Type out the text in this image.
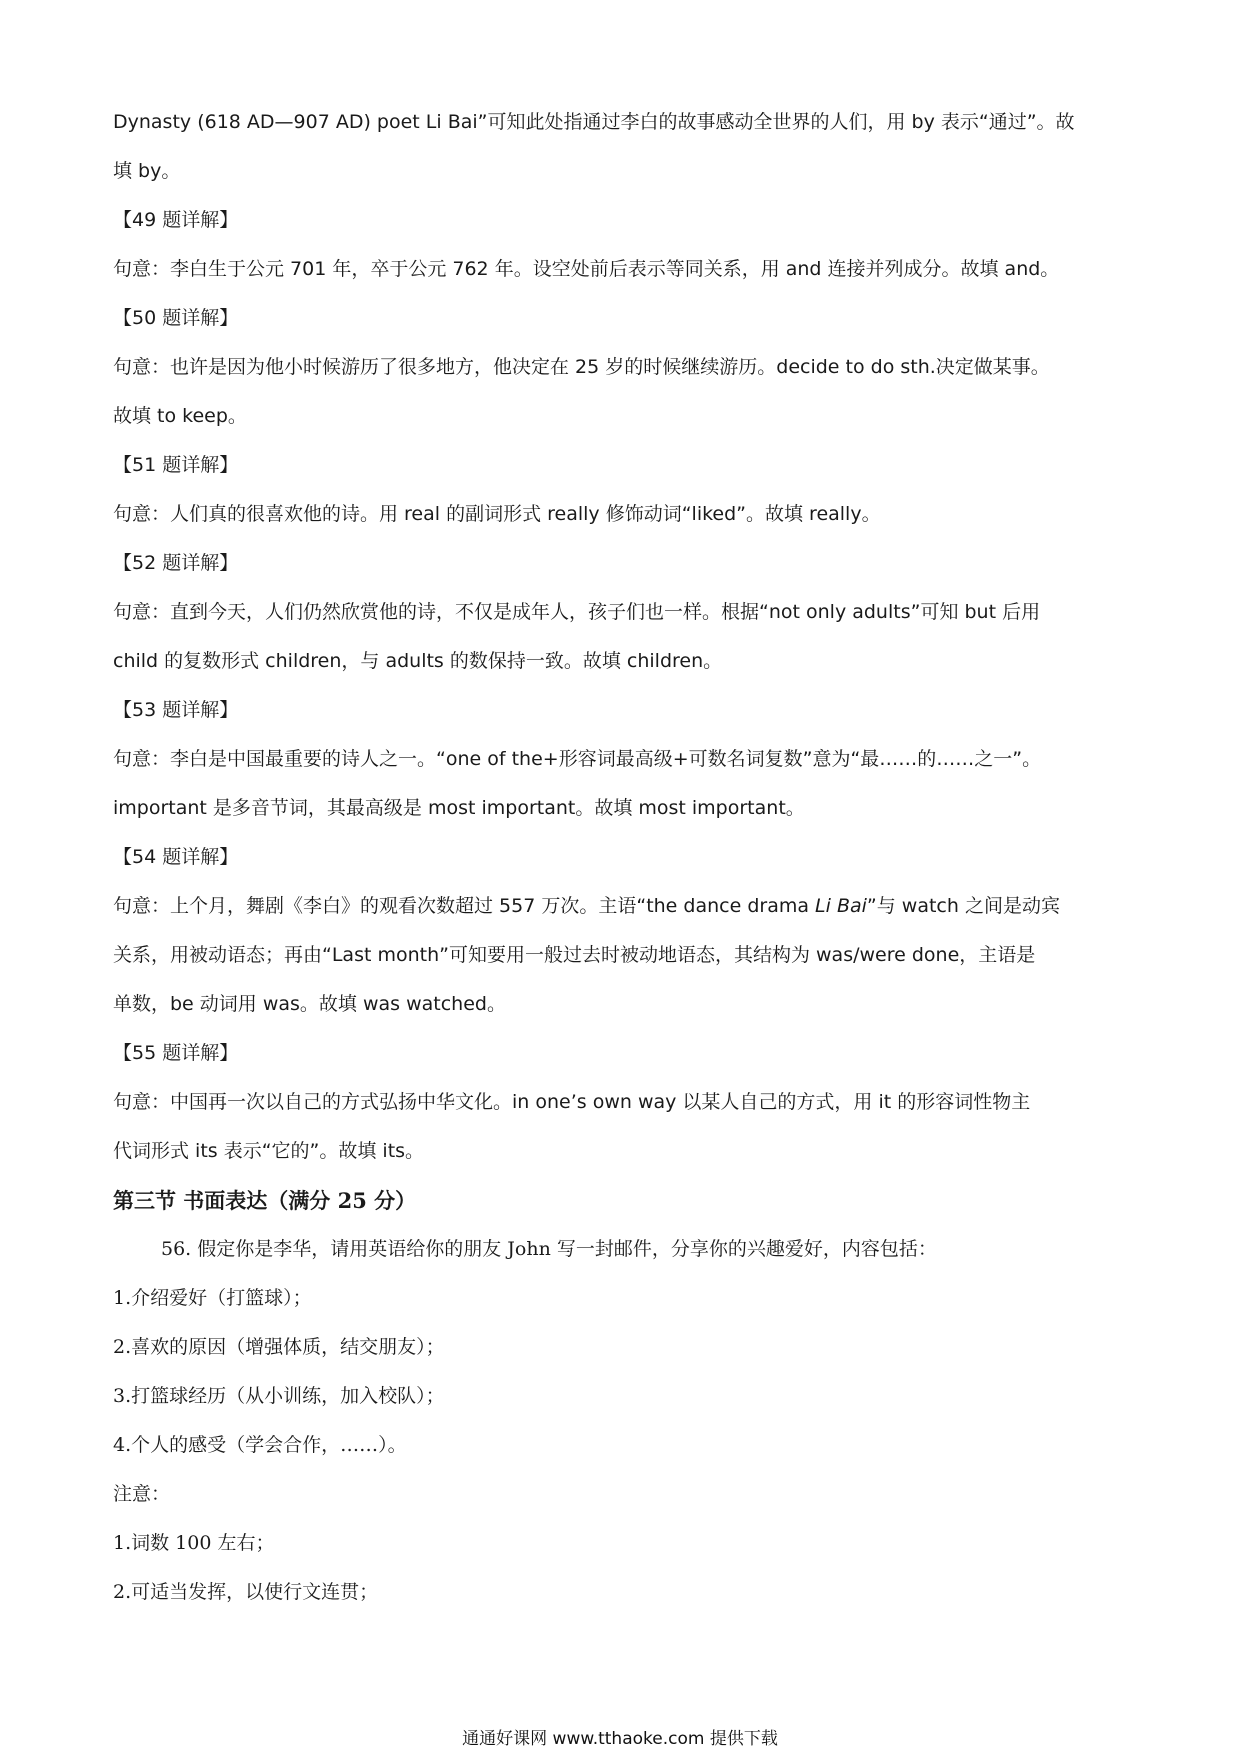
Dynasty (618 AD—907 AD) poet Li Bai”可知此处指通过李白的故事感动全世界的人们，用 by 表示“通过”。故
填 by。
【49 题详解】
句意：李白生于公元 701 年，卒于公元 762 年。设空处前后表示等同关系，用 and 连接并列成分。故填 and。
【50 题详解】
句意：也许是因为他小时候游历了很多地方，他决定在 25 岁的时候继续游历。decide to do sth.决定做某事。
故填 to keep。
【51 题详解】
句意：人们真的很喜欢他的诗。用 real 的副词形式 really 修饰动词“liked”。故填 really。
【52 题详解】
句意：直到今天，人们仍然欣赏他的诗，不仅是成年人，孩子们也一样。根据“not only adults”可知 but 后用
child 的复数形式 children，与 adults 的数保持一致。故填 children。
【53 题详解】
句意：李白是中国最重要的诗人之一。“one of the+形容词最高级+可数名词复数”意为“最……的……之一”。
important 是多音节词，其最高级是 most important。故填 most important。
【54 题详解】
句意：上个月，舞剧《李白》的观看次数超过 557 万次。主语“the dance drama Li Bai”与 watch 之间是动宾
关系，用被动语态；再由“Last month”可知要用一般过去时被动地语态，其结构为 was/were done，主语是
单数，be 动词用 was。故填 was watched。
【55 题详解】
句意：中国再一次以自己的方式弘扬中华文化。in one’s own way 以某人自己的方式，用 it 的形容词性物主
代词形式 its 表示“它的”。故填 its。
第三节 书面表达（满分 25 分）
56. 假定你是李华，请用英语给你的朋友 John 写一封邮件，分享你的兴趣爱好，内容包括：
1.介绍爱好（打篮球）；
2.喜欢的原因（增强体质，结交朋友）；
3.打篮球经历（从小训练，加入校队）；
4.个人的感受（学会合作，……）。
注意：
1.词数 100 左右；
2.可适当发挥，以使行文连贯；
通通好课网 www.tthaoke.com 提供下载
